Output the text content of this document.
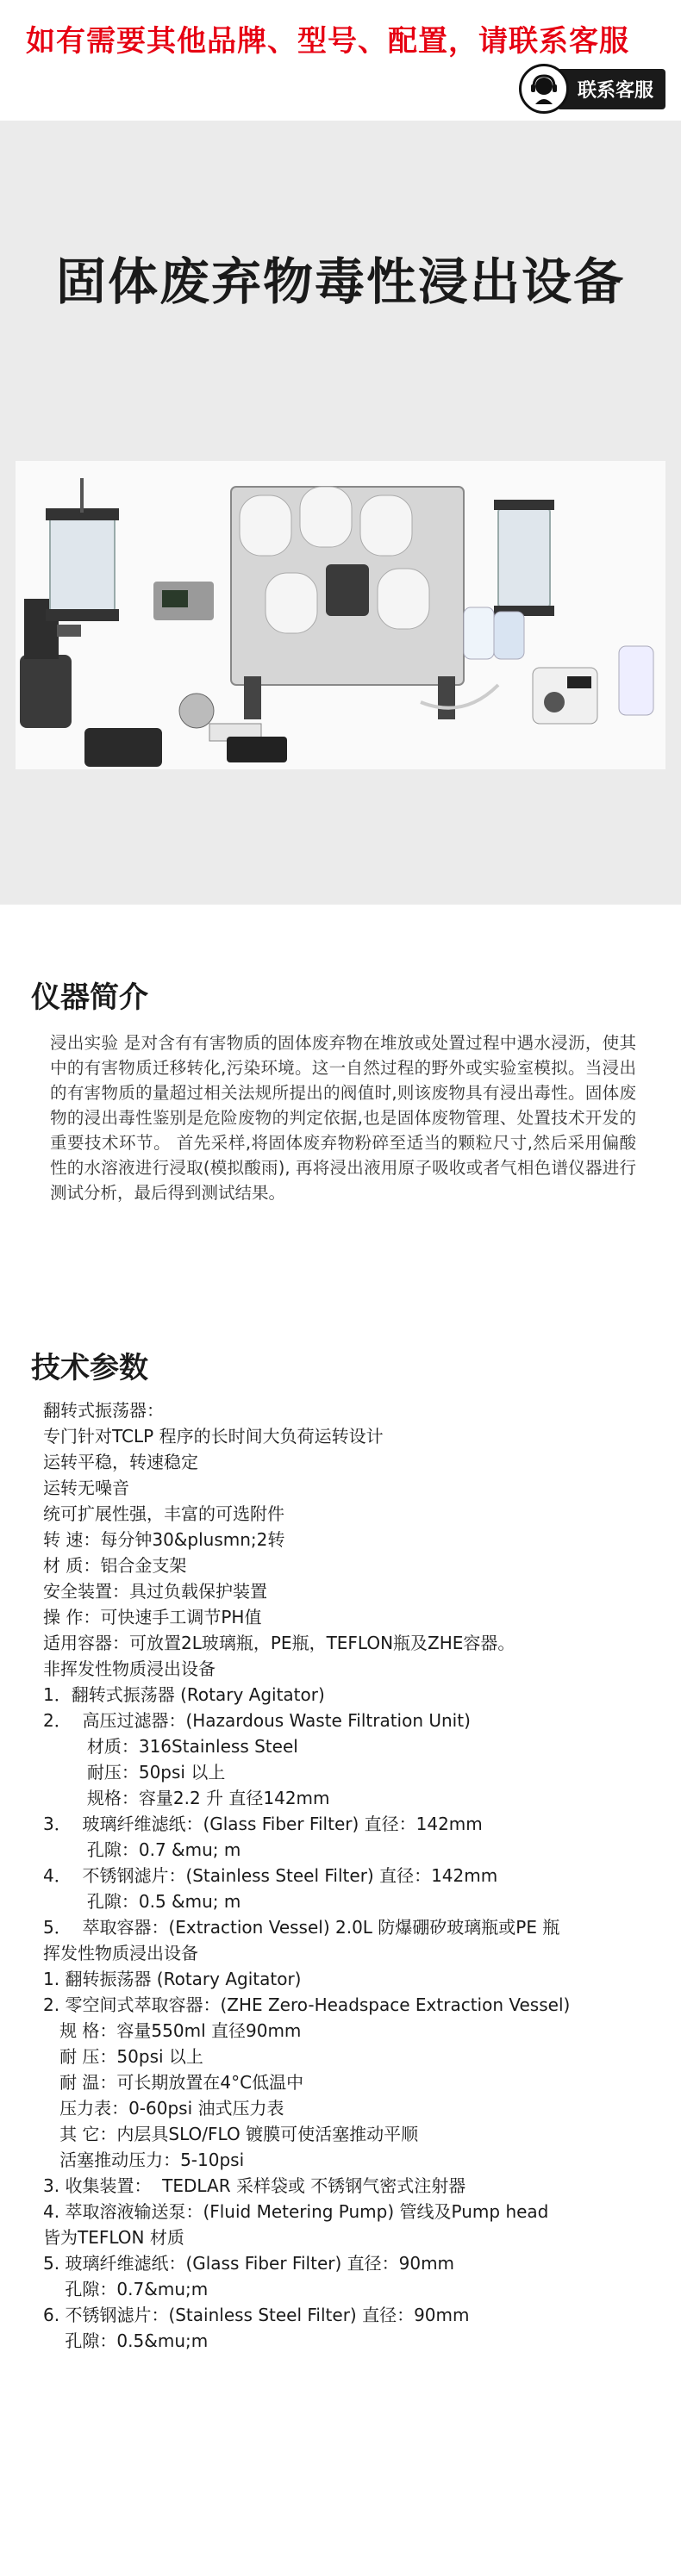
如有需要其他品牌、型号、配置，请联系客服
联系客服
固体废弃物毒性浸出设备
仪器简介
浸出实验 是对含有有害物质的固体废弃物在堆放或处置过程中遇水浸沥，使其中的有害物质迁移转化,污染环境。这一自然过程的野外或实验室模拟。当浸出的有害物质的量超过相关法规所提出的阀值时,则该废物具有浸出毒性。固体废物的浸出毒性鉴别是危险废物的判定依据,也是固体废物管理、处置技术开发的重要技术环节。 首先采样,将固体废弃物粉碎至适当的颗粒尺寸,然后采用偏酸性的水溶液进行浸取(模拟酸雨), 再将浸出液用原子吸收或者气相色谱仪器进行测试分析，最后得到测试结果。
技术参数
翻转式振荡器：
专门针对TCLP 程序的长时间大负荷运转设计
运转平稳，转速稳定
运转无噪音
统可扩展性强，丰富的可选附件
转 速：每分钟30&plusmn;2转
材 质：铝合金支架
安全装置：具过负载保护装置
操 作：可快速手工调节PH值
适用容器：可放置2L玻璃瓶，PE瓶，TEFLON瓶及ZHE容器。
非挥发性物质浸出设备
1．翻转式振荡器 (Rotary Agitator)
2．  高压过滤器：(Hazardous Waste Filtration Unit)
材质：316Stainless Steel
耐压：50psi 以上
规格：容量2.2 升 直径142mm
3．  玻璃纤维滤纸：(Glass Fiber Filter) 直径：142mm
孔隙：0.7 &mu; m
4．  不锈钢滤片：(Stainless Steel Filter) 直径：142mm
孔隙：0.5 &mu; m
5．  萃取容器：(Extraction Vessel) 2.0L 防爆硼矽玻璃瓶或PE 瓶
挥发性物质浸出设备
1. 翻转振荡器 (Rotary Agitator)
2. 零空间式萃取容器：(ZHE Zero-Headspace Extraction Vessel)
规 格：容量550ml 直径90mm
耐 压：50psi 以上
耐 温：可长期放置在4°C低温中
压力表：0-60psi 油式压力表
其 它：内层具SLO/FLO 镀膜可使活塞推动平顺
活塞推动压力：5-10psi
3. 收集装置：  TEDLAR 采样袋或 不锈钢气密式注射器
4. 萃取溶液输送泵：(Fluid Metering Pump) 管线及Pump head
皆为TEFLON 材质
5. 玻璃纤维滤纸：(Glass Fiber Filter) 直径：90mm
孔隙：0.7&mu;m
6. 不锈钢滤片：(Stainless Steel Filter) 直径：90mm
孔隙：0.5&mu;m
